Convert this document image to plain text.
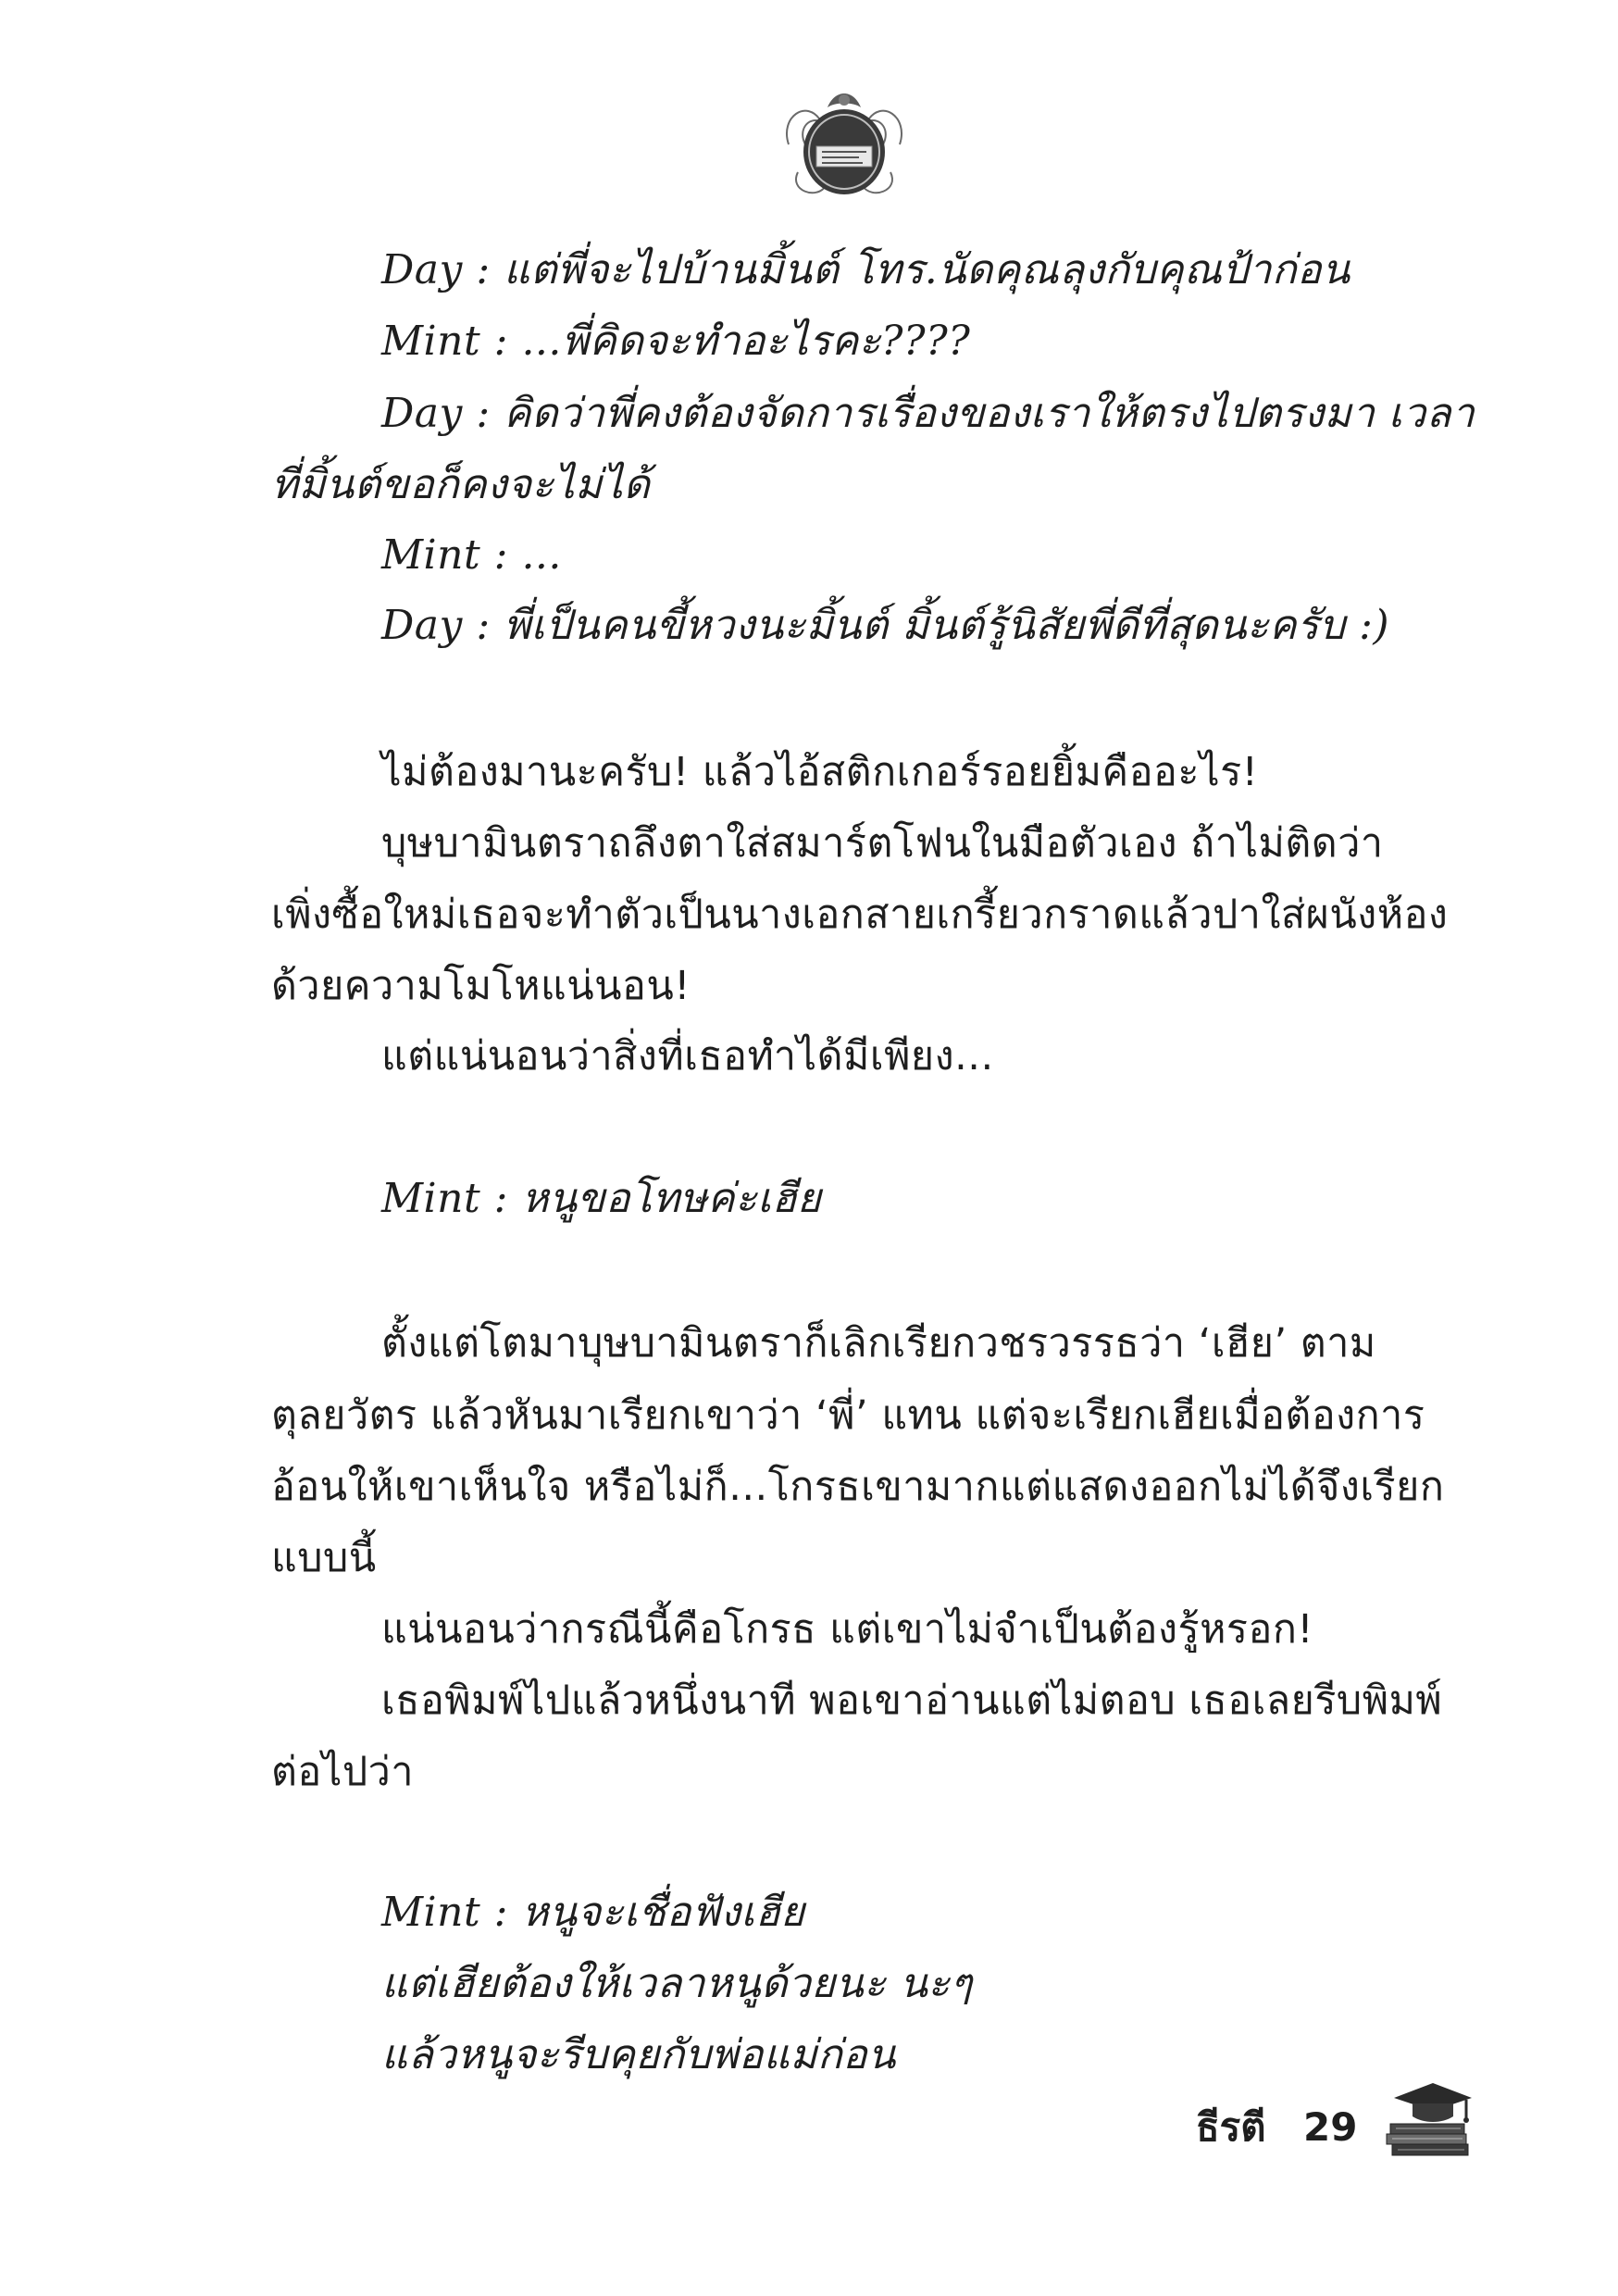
Day : แต่พี่จะไปบ้านมิ้นต์ โทร.นัดคุณลุงกับคุณป้าก่อน
Mint : ...พี่คิดจะทำอะไรคะ????
Day : คิดว่าพี่คงต้องจัดการเรื่องของเราให้ตรงไปตรงมา เวลา
ที่มิ้นต์ขอก็คงจะไม่ได้
Mint : ...
Day : พี่เป็นคนขี้หวงนะมิ้นต์ มิ้นต์รู้นิสัยพี่ดีที่สุดนะครับ :)
ไม่ต้องมานะครับ! แล้วไอ้สติกเกอร์รอยยิ้มคืออะไร!
บุษบามินตราถลึงตาใส่สมาร์ตโฟนในมือตัวเอง ถ้าไม่ติดว่า
เพิ่งซื้อใหม่เธอจะทำตัวเป็นนางเอกสายเกรี้ยวกราดแล้วปาใส่ผนังห้อง
ด้วยความโมโหแน่นอน!
แต่แน่นอนว่าสิ่งที่เธอทำได้มีเพียง...
Mint : หนูขอโทษค่ะเฮีย
ตั้งแต่โตมาบุษบามินตราก็เลิกเรียกวชรวรรธว่า ‘เฮีย’ ตาม
ตุลยวัตร แล้วหันมาเรียกเขาว่า ‘พี่’ แทน แต่จะเรียกเฮียเมื่อต้องการ
อ้อนให้เขาเห็นใจ หรือไม่ก็...โกรธเขามากแต่แสดงออกไม่ได้จึงเรียก
แบบนี้
แน่นอนว่ากรณีนี้คือโกรธ แต่เขาไม่จำเป็นต้องรู้หรอก!
เธอพิมพ์ไปแล้วหนึ่งนาที พอเขาอ่านแต่ไม่ตอบ เธอเลยรีบพิมพ์
ต่อไปว่า
Mint : หนูจะเชื่อฟังเฮีย
แต่เฮียต้องให้เวลาหนูด้วยนะ นะๆ
แล้วหนูจะรีบคุยกับพ่อแม่ก่อน
ธีรตี 29
